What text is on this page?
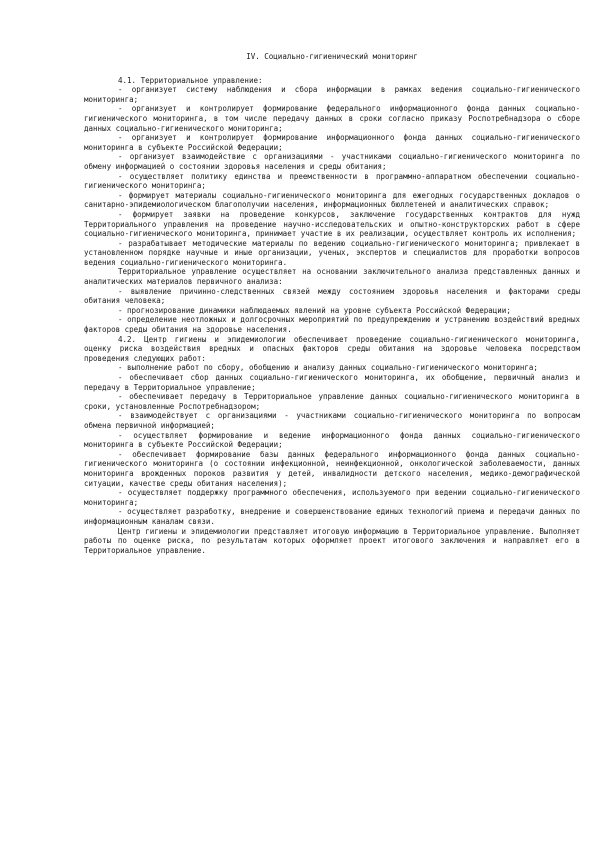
IV. Социально-гигиенический мониторинг

4.1. Территориальное управление:

- организует систему наблюдения и сбора информации в рамках ведения социально-гигиенического мониторинга;

- организует и контролирует формирование федерального информационного фонда данных социально-гигиенического мониторинга, в том числе передачу данных в сроки согласно приказу Роспотребнадзора о сборе данных социально-гигиенического мониторинга;

- организует и контролирует формирование информационного фонда данных социально-гигиенического мониторинга в субъекте Российской Федерации;

- организует взаимодействие с организациями - участниками социально-гигиенического мониторинга по обмену информацией о состоянии здоровья населения и среды обитания;

- осуществляет политику единства и преемственности в программно-аппаратном обеспечении социально-гигиенического мониторинга;

- формирует материалы социально-гигиенического мониторинга для ежегодных государственных докладов о санитарно-эпидемиологическом благополучии населения, информационных бюллетеней и аналитических справок;

- формирует заявки на проведение конкурсов, заключение государственных контрактов для нужд Территориального управления на проведение научно-исследовательских и опытно-конструкторских работ в сфере социально-гигиенического мониторинга, принимает участие в их реализации, осуществляет контроль их исполнения;

- разрабатывает методические материалы по ведению социально-гигиенического мониторинга; привлекает в установленном порядке научные и иные организации, ученых, экспертов и специалистов для проработки вопросов ведения социально-гигиенического мониторинга.

Территориальное управление осуществляет на основании заключительного анализа представленных данных и аналитических материалов первичного анализа:

- выявление причинно-следственных связей между состоянием здоровья населения и факторами среды обитания человека;

- прогнозирование динамики наблюдаемых явлений на уровне субъекта Российской Федерации;

- определение неотложных и долгосрочных мероприятий по предупреждению и устранению воздействий вредных факторов среды обитания на здоровье населения.

4.2. Центр гигиены и эпидемиологии обеспечивает проведение социально-гигиенического мониторинга, оценку риска воздействия вредных и опасных факторов среды обитания на здоровье человека посредством проведения следующих работ:

- выполнение работ по сбору, обобщению и анализу данных социально-гигиенического мониторинга;

- обеспечивает сбор данных социально-гигиенического мониторинга, их обобщение, первичный анализ и передачу в Территориальное управление;

- обеспечивает передачу в Территориальное управление данных социально-гигиенического мониторинга в сроки, установленные Роспотребнадзором;

- взаимодействует с организациями - участниками социально-гигиенического мониторинга по вопросам обмена первичной информацией;

- осуществляет формирование и ведение информационного фонда данных социально-гигиенического мониторинга в субъекте Российской Федерации;

- обеспечивает формирование базы данных федерального информационного фонда данных социально-гигиенического мониторинга (о состоянии инфекционной, неинфекционной, онкологической заболеваемости, данных мониторинга врожденных пороков развития у детей, инвалидности детского населения, медико-демографической ситуации, качестве среды обитания населения);

- осуществляет поддержку программного обеспечения, используемого при ведении социально-гигиенического мониторинга;

- осуществляет разработку, внедрение и совершенствование единых технологий приема и передачи данных по информационным каналам связи.

Центр гигиены и эпидемиологии представляет итоговую информацию в Территориальное управление. Выполняет работы по оценке риска, по результатам которых оформляет проект итогового заключения и направляет его в Территориальное управление.
